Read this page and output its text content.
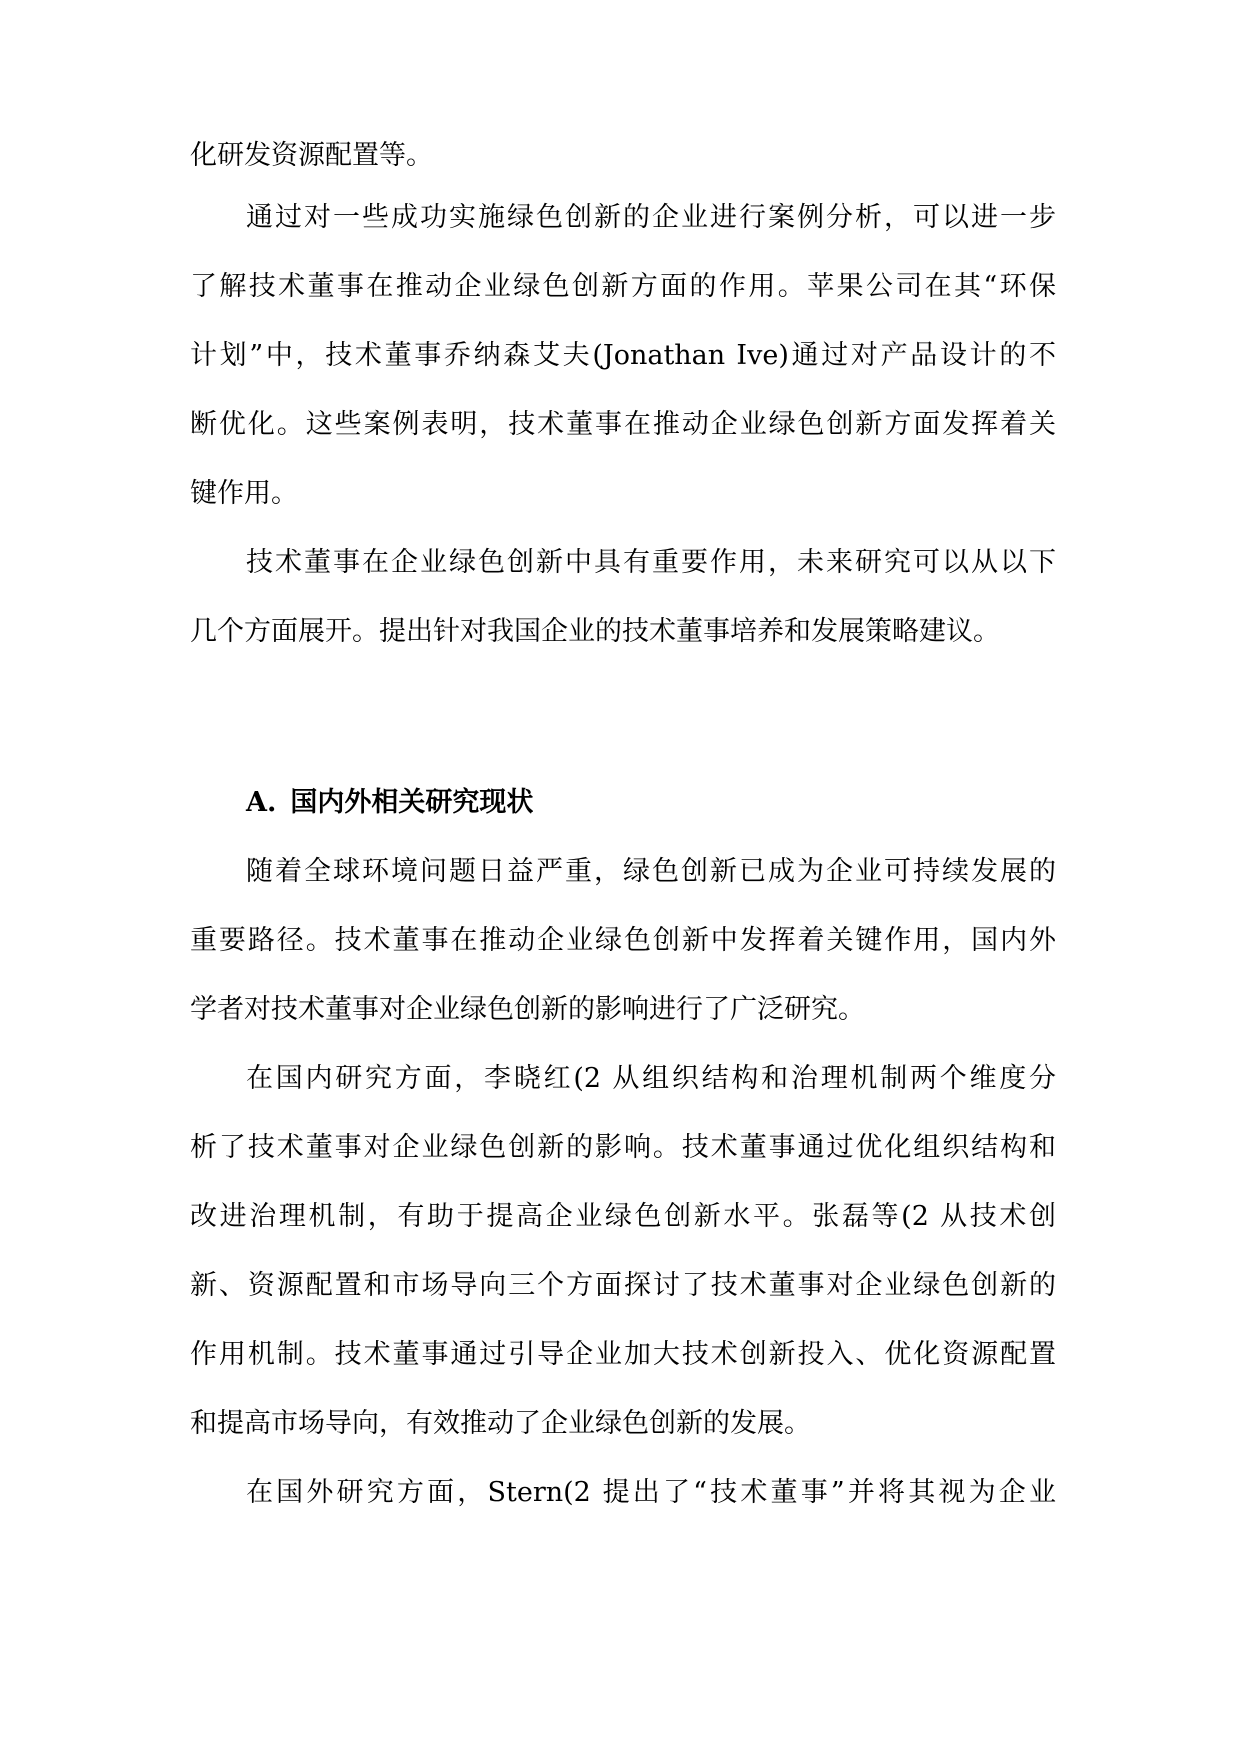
化研发资源配置等。
通过对一些成功实施绿色创新的企业进行案例分析，可以进一步
了解技术董事在推动企业绿色创新方面的作用。苹果公司在其“环保
计划”中，技术董事乔纳森艾夫(Jonathan Ive)通过对产品设计的不
断优化。这些案例表明，技术董事在推动企业绿色创新方面发挥着关
键作用。
技术董事在企业绿色创新中具有重要作用，未来研究可以从以下
几个方面展开。提出针对我国企业的技术董事培养和发展策略建议。
A. 国内外相关研究现状
随着全球环境问题日益严重，绿色创新已成为企业可持续发展的
重要路径。技术董事在推动企业绿色创新中发挥着关键作用，国内外
学者对技术董事对企业绿色创新的影响进行了广泛研究。
在国内研究方面，李晓红(2 从组织结构和治理机制两个维度分
析了技术董事对企业绿色创新的影响。技术董事通过优化组织结构和
改进治理机制，有助于提高企业绿色创新水平。张磊等(2 从技术创
新、资源配置和市场导向三个方面探讨了技术董事对企业绿色创新的
作用机制。技术董事通过引导企业加大技术创新投入、优化资源配置
和提高市场导向，有效推动了企业绿色创新的发展。
在国外研究方面，Stern(2 提出了“技术董事”并将其视为企业
